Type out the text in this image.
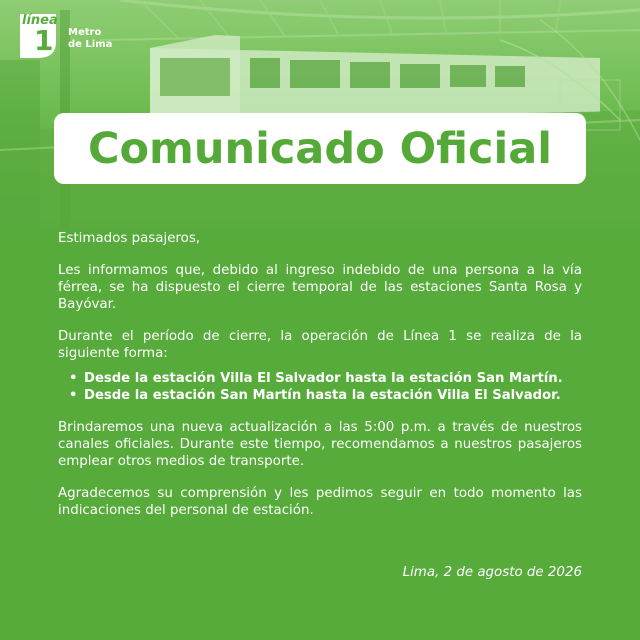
línea
1 Metro
de Lima
Comunicado Oficial

Estimados pasajeros,

Les informamos que, debido al ingreso indebido de una persona a la vía férrea, se ha dispuesto el cierre temporal de las estaciones Santa Rosa y Bayóvar.

Durante el período de cierre, la operación de Línea 1 se realiza de la siguiente forma:

• Desde la estación Villa El Salvador hasta la estación San Martín.
• Desde la estación San Martín hasta la estación Villa El Salvador.

Brindaremos una nueva actualización a las 5:00 p.m. a través de nuestros canales oficiales. Durante este tiempo, recomendamos a nuestros pasajeros emplear otros medios de transporte.

Agradecemos su comprensión y les pedimos seguir en todo momento las indicaciones del personal de estación.

Lima, 2 de agosto de 2026
